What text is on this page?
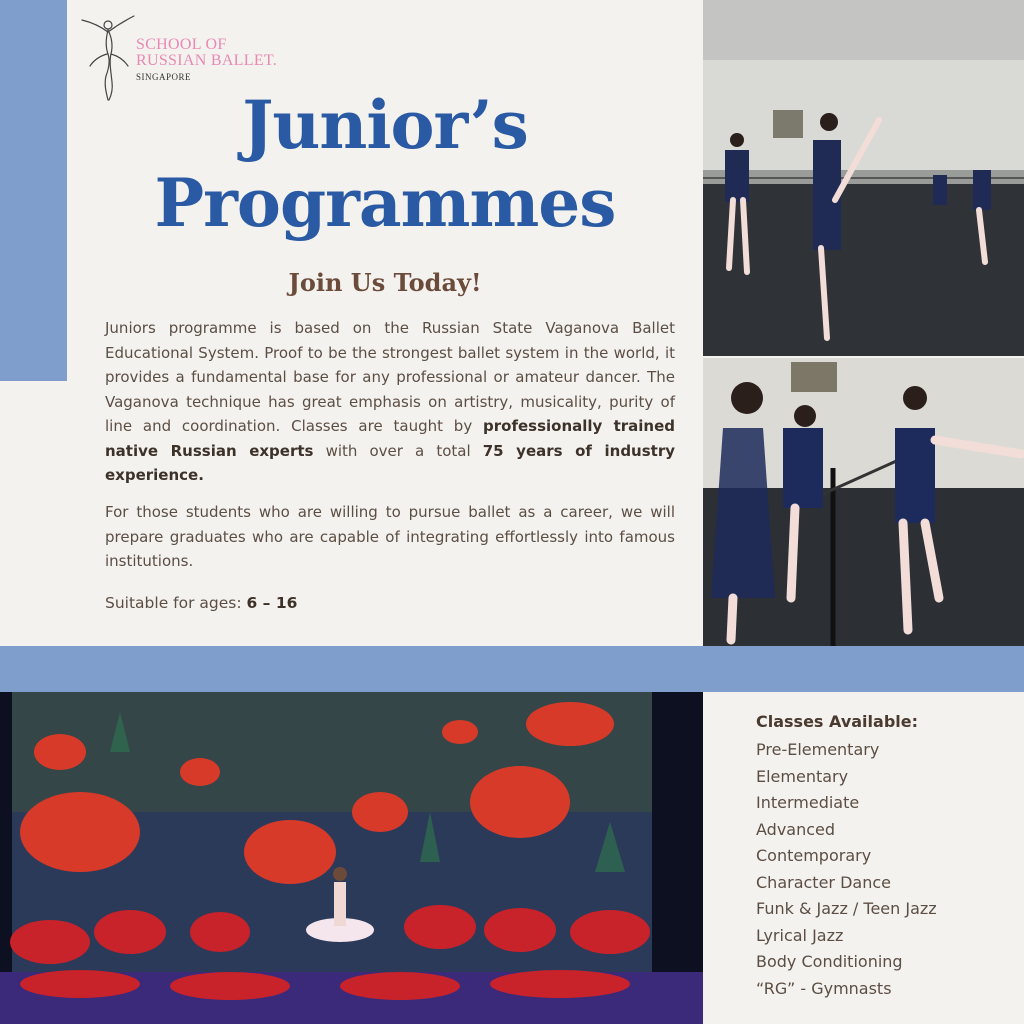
SCHOOL OF
RUSSIAN BALLET.
SINGAPORE
Junior’s
Programmes
Join Us Today!

Juniors programme is based on the Russian State Vaganova Ballet Educational System. Proof to be the strongest ballet system in the world, it provides a fundamental base for any professional or amateur dancer. The Vaganova technique has great emphasis on artistry, musicality, purity of line and coordination. Classes are taught by professionally trained native Russian experts with over a total 75 years of industry experience.

For those students who are willing to pursue ballet as a career, we will prepare graduates who are capable of integrating effortlessly into famous institutions.

Suitable for ages: 6 – 16
Classes Available:
Pre-Elementary
Elementary
Intermediate
Advanced
Contemporary
Character Dance
Funk & Jazz / Teen Jazz
Lyrical Jazz
Body Conditioning
“RG” - Gymnasts
